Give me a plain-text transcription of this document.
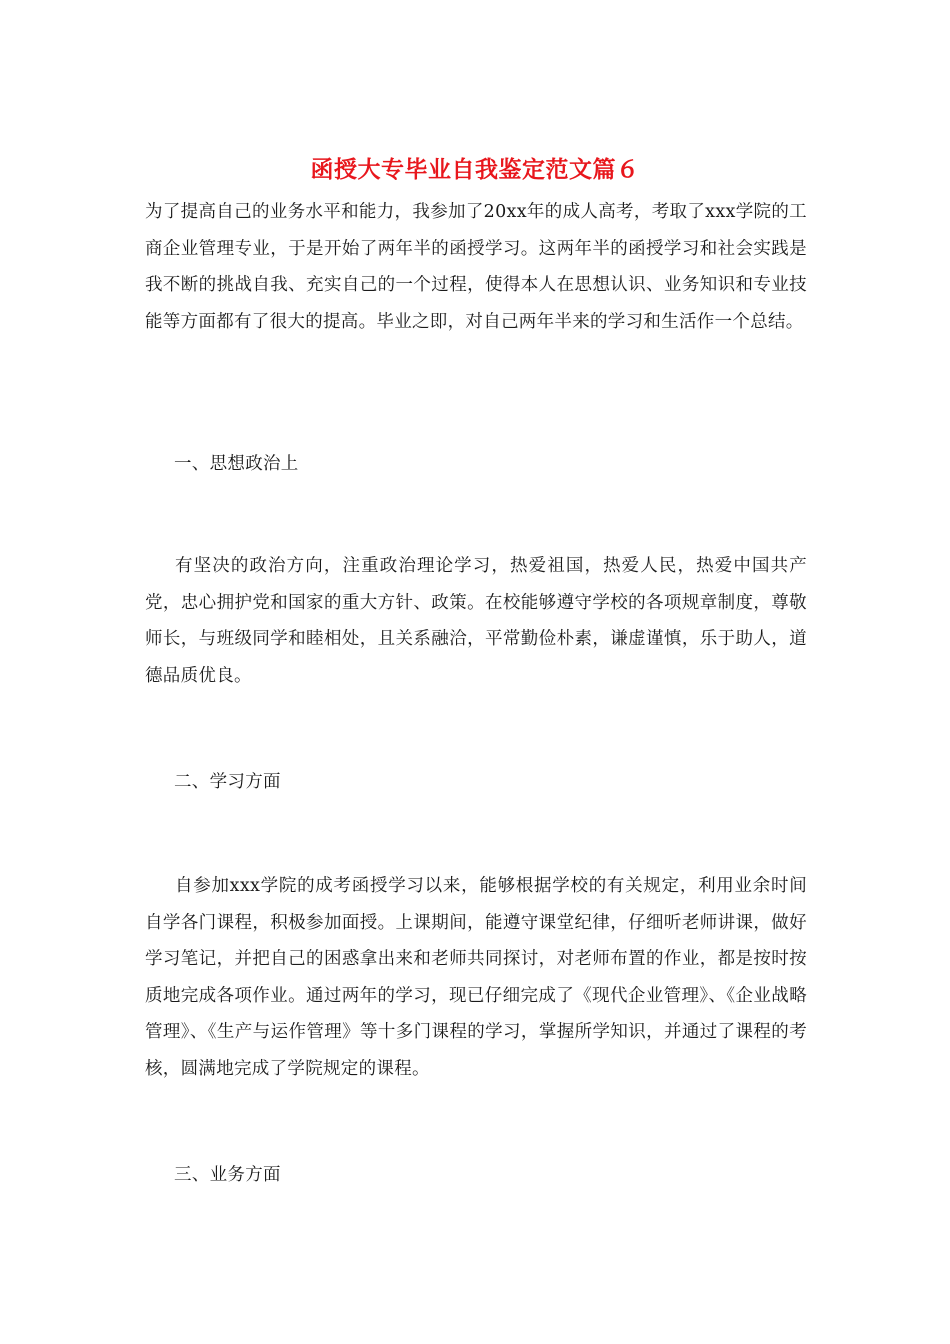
函授大专毕业自我鉴定范文篇６

为了提高自己的业务水平和能力，我参加了20xx年的成人高考，考取了xxx学院的工商企业管理专业，于是开始了两年半的函授学习。这两年半的函授学习和社会实践是我不断的挑战自我、充实自己的一个过程，使得本人在思想认识、业务知识和专业技能等方面都有了很大的提高。毕业之即，对自己两年半来的学习和生活作一个总结。

一、思想政治上

有坚决的政治方向，注重政治理论学习，热爱祖国，热爱人民，热爱中国共产党，忠心拥护党和国家的重大方针、政策。在校能够遵守学校的各项规章制度，尊敬师长，与班级同学和睦相处，且关系融洽，平常勤俭朴素，谦虚谨慎，乐于助人，道德品质优良。

二、学习方面

自参加xxx学院的成考函授学习以来，能够根据学校的有关规定，利用业余时间自学各门课程，积极参加面授。上课期间，能遵守课堂纪律，仔细听老师讲课，做好学习笔记，并把自己的困惑拿出来和老师共同探讨，对老师布置的作业，都是按时按质地完成各项作业。通过两年的学习，现已仔细完成了《现代企业管理》、《企业战略管理》、《生产与运作管理》等十多门课程的学习，掌握所学知识，并通过了课程的考核，圆满地完成了学院规定的课程。

三、业务方面
